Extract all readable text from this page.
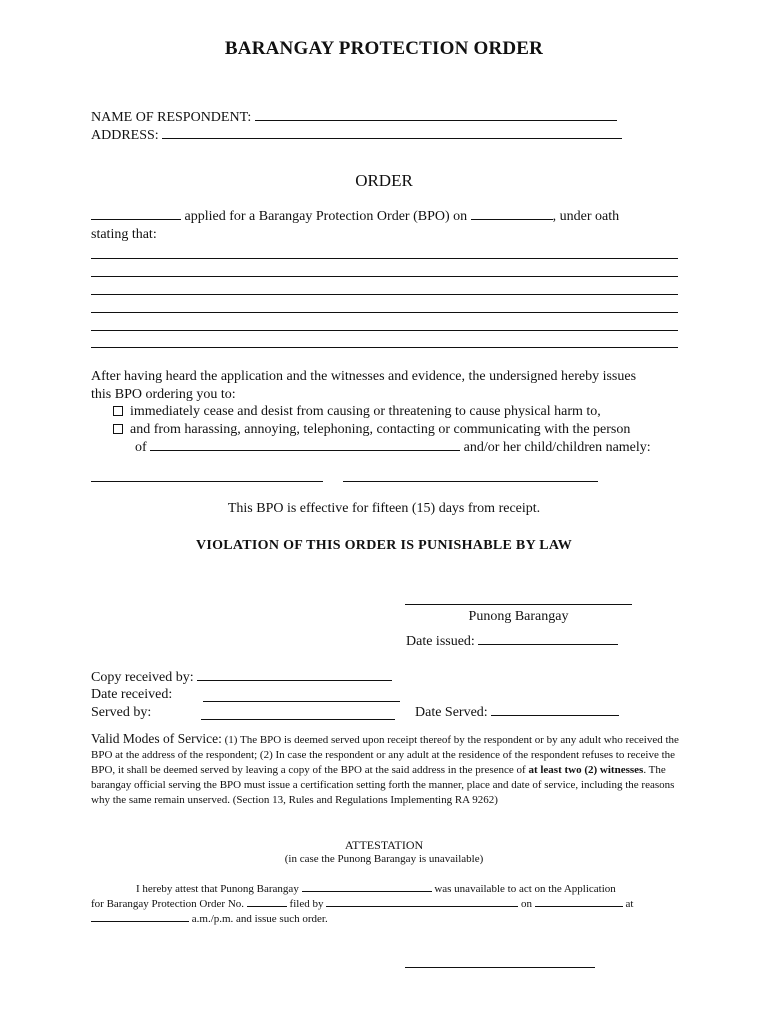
BARANGAY PROTECTION ORDER
NAME OF RESPONDENT:
ADDRESS:
ORDER
applied for a Barangay Protection Order (BPO) on	, under oath
stating that:
After having heard the application and the witnesses and evidence, the undersigned hereby issues
this BPO ordering you to:
immediately cease and desist from causing or threatening to cause physical harm to,
and from harassing, annoying, telephoning, contacting or communicating with the person
of	and/or her child/children namely:
This BPO is effective for fifteen (15) days from receipt.
VIOLATION OF THIS ORDER IS PUNISHABLE BY LAW
Punong Barangay
Date issued:
Copy received by:
Date received:
Served by:	Date Served:
Valid Modes of Service: (1) The BPO is deemed served upon receipt thereof by the respondent or by any adult who received the BPO at the address of the respondent; (2) In case the respondent or any adult at the residence of the respondent refuses to receive the BPO, it shall be deemed served by leaving a copy of the BPO at the said address in the presence of at least two (2) witnesses. The barangay official serving the BPO must issue a certification setting forth the manner, place and date of service, including the reasons why the same remain unserved. (Section 13, Rules and Regulations Implementing RA 9262)
ATTESTATION
(in case the Punong Barangay is unavailable)
I hereby attest that Punong Barangay	was unavailable to act on the Application
for Barangay Protection Order No.	filed by	on	at
a.m./p.m. and issue such order.
